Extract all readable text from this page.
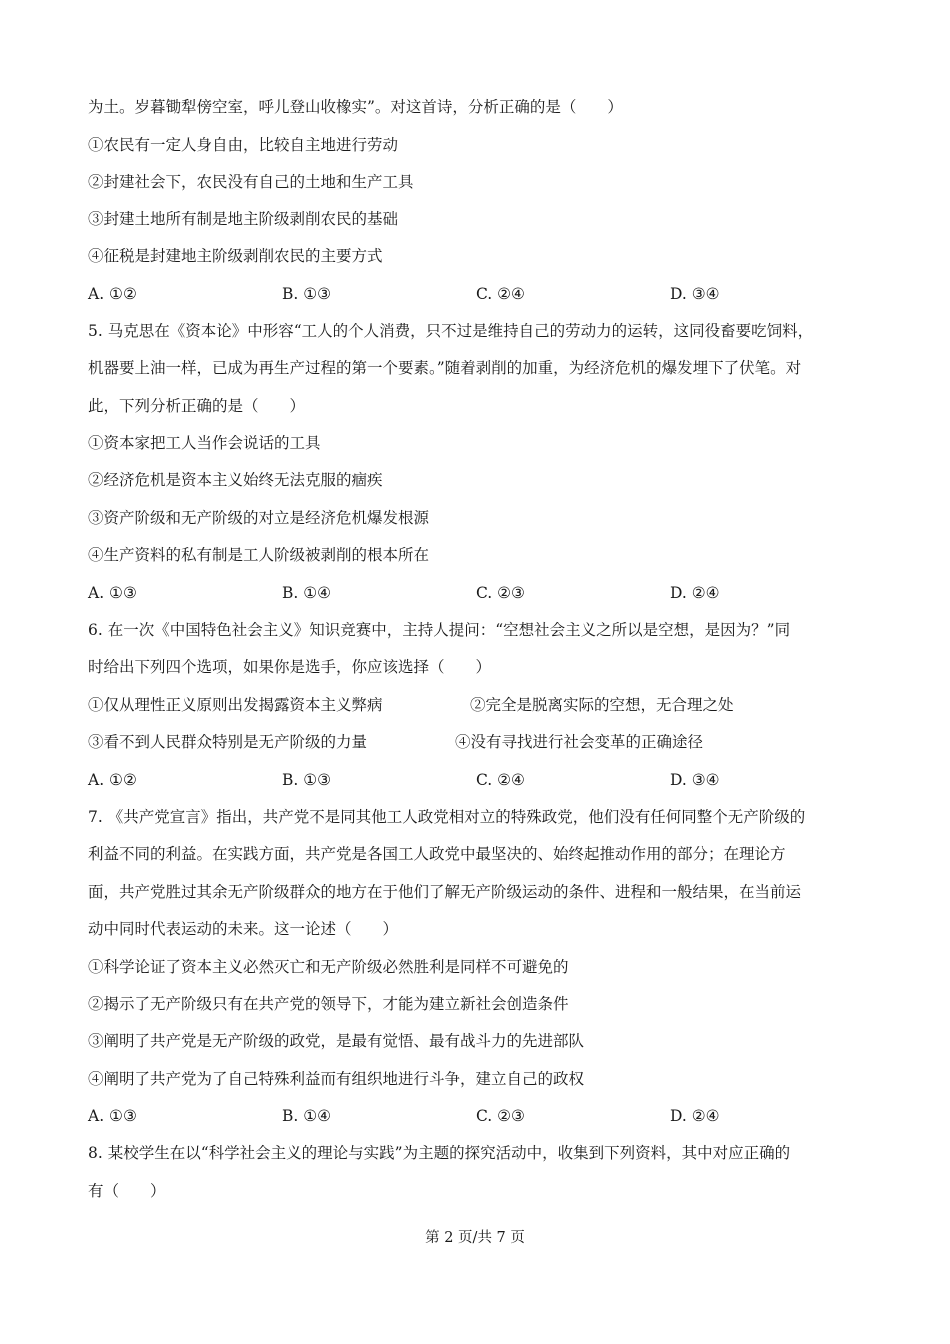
为土。岁暮锄犁傍空室，呼儿登山收橡实”。对这首诗，分析正确的是（　　）
①农民有一定人身自由，比较自主地进行劳动
②封建社会下，农民没有自己的土地和生产工具
③封建土地所有制是地主阶级剥削农民的基础
④征税是封建地主阶级剥削农民的主要方式
A. ①②	B. ①③	C. ②④	D. ③④
5. 马克思在《资本论》中形容“工人的个人消费，只不过是维持自己的劳动力的运转，这同役畜要吃饲料，
机器要上油一样，已成为再生产过程的第一个要素。”随着剥削的加重，为经济危机的爆发埋下了伏笔。对
此，下列分析正确的是（　　）
①资本家把工人当作会说话的工具
②经济危机是资本主义始终无法克服的痼疾
③资产阶级和无产阶级的对立是经济危机爆发根源
④生产资料的私有制是工人阶级被剥削的根本所在
A. ①③	B. ①④	C. ②③	D. ②④
6. 在一次《中国特色社会主义》知识竞赛中，主持人提问：“空想社会主义之所以是空想，是因为？”同
时给出下列四个选项，如果你是选手，你应该选择（　　）
①仅从理性正义原则出发揭露资本主义弊病	②完全是脱离实际的空想，无合理之处
③看不到人民群众特别是无产阶级的力量	④没有寻找进行社会变革的正确途径
A. ①②	B. ①③	C. ②④	D. ③④
7. 《共产党宣言》指出，共产党不是同其他工人政党相对立的特殊政党，他们没有任何同整个无产阶级的
利益不同的利益。在实践方面，共产党是各国工人政党中最坚决的、始终起推动作用的部分；在理论方
面，共产党胜过其余无产阶级群众的地方在于他们了解无产阶级运动的条件、进程和一般结果，在当前运
动中同时代表运动的未来。这一论述（　　）
①科学论证了资本主义必然灭亡和无产阶级必然胜利是同样不可避免的
②揭示了无产阶级只有在共产党的领导下，才能为建立新社会创造条件
③阐明了共产党是无产阶级的政党，是最有觉悟、最有战斗力的先进部队
④阐明了共产党为了自己特殊利益而有组织地进行斗争，建立自己的政权
A. ①③	B. ①④	C. ②③	D. ②④
8. 某校学生在以“科学社会主义的理论与实践”为主题的探究活动中，收集到下列资料，其中对应正确的
有（　　）
第 2 页/共 7 页
